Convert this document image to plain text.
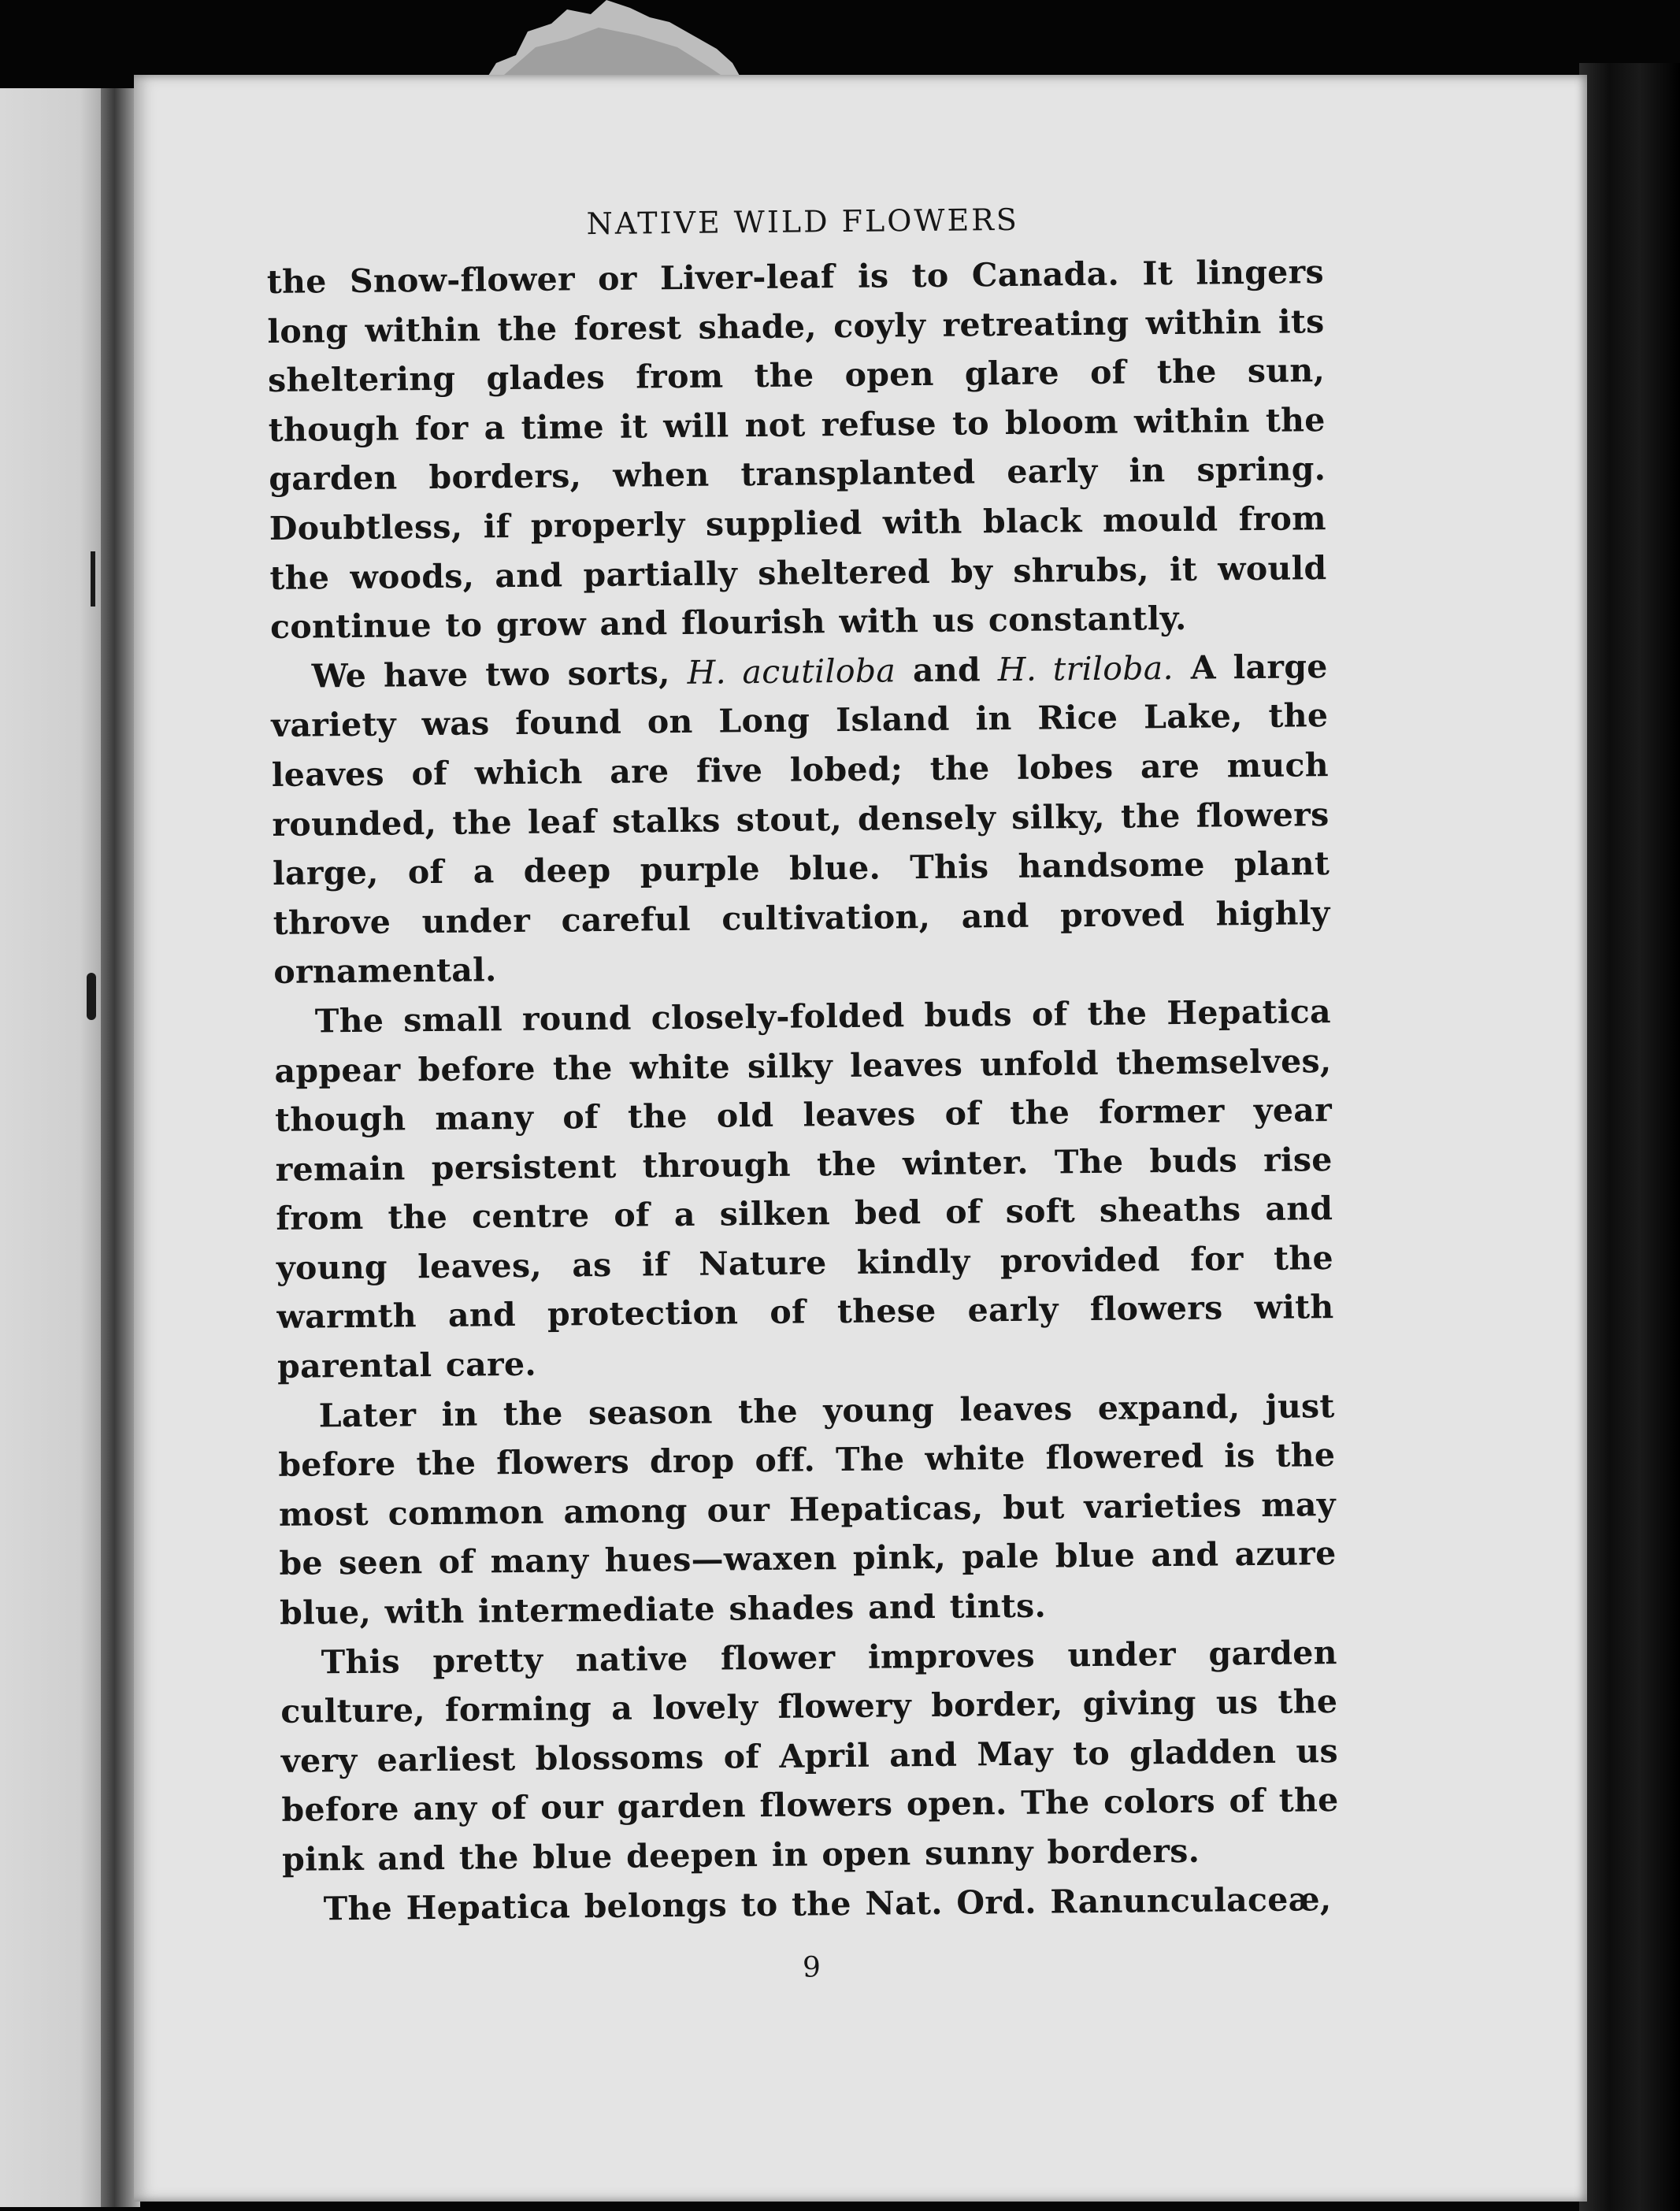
NATIVE WILD FLOWERS

the Snow-flower or Liver-leaf is to Canada. It lingers long within the forest shade, coyly retreating within its sheltering glades from the open glare of the sun, though for a time it will not refuse to bloom within the garden borders, when transplanted early in spring. Doubtless, if properly supplied with black mould from the woods, and partially sheltered by shrubs, it would continue to grow and flourish with us constantly.

We have two sorts, H. acutiloba and H. triloba. A large variety was found on Long Island in Rice Lake, the leaves of which are five lobed; the lobes are much rounded, the leaf stalks stout, densely silky, the flowers large, of a deep purple blue. This handsome plant throve under careful cultivation, and proved highly ornamental.

The small round closely-folded buds of the Hepatica appear before the white silky leaves unfold themselves, though many of the old leaves of the former year remain persistent through the winter. The buds rise from the centre of a silken bed of soft sheaths and young leaves, as if Nature kindly provided for the warmth and protection of these early flowers with parental care.

Later in the season the young leaves expand, just before the flowers drop off. The white flowered is the most common among our Hepaticas, but varieties may be seen of many hues—waxen pink, pale blue and azure blue, with intermediate shades and tints.

This pretty native flower improves under garden culture, forming a lovely flowery border, giving us the very earliest blossoms of April and May to gladden us before any of our garden flowers open. The colors of the pink and the blue deepen in open sunny borders.

The Hepatica belongs to the Nat. Ord. Ranunculaceæ,

9
